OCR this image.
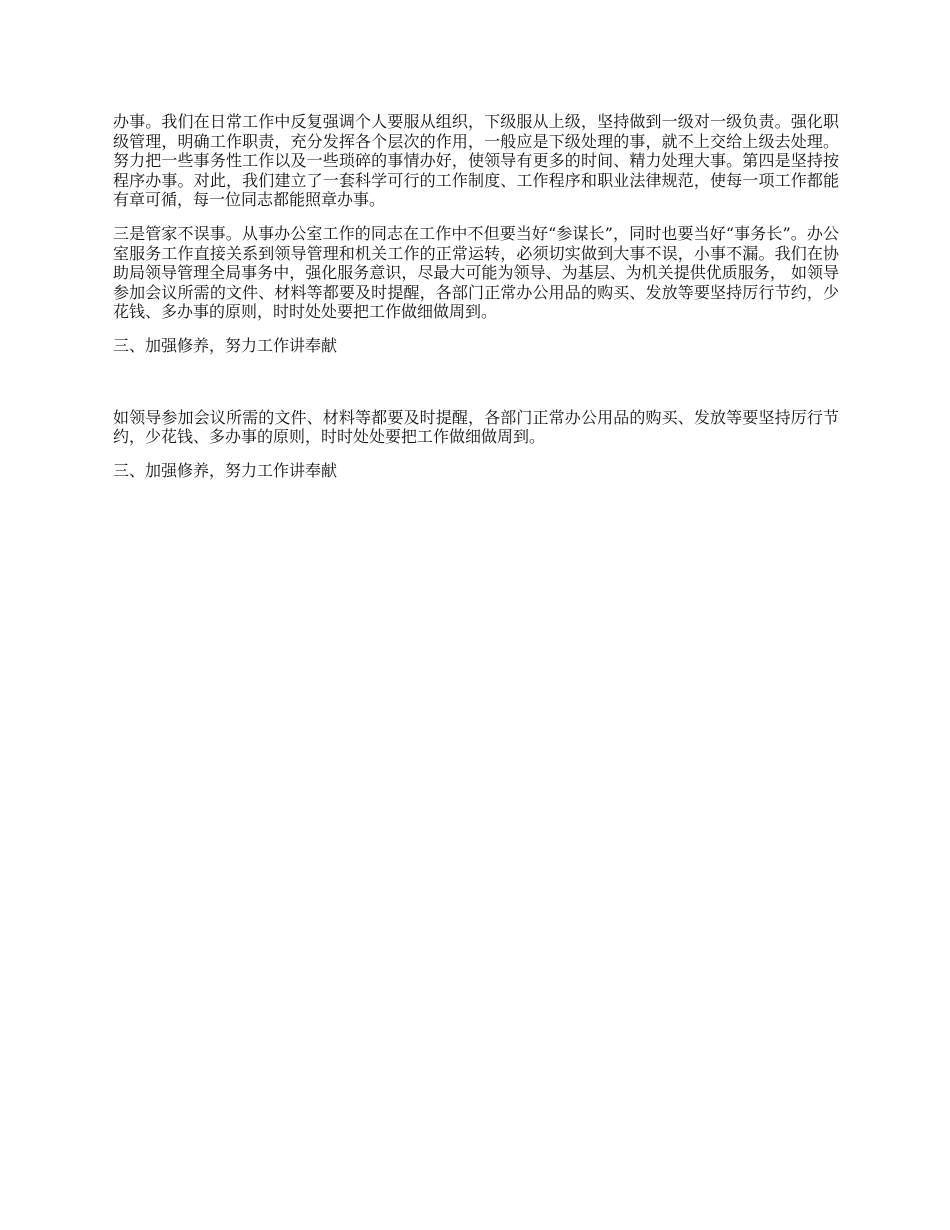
办事。我们在日常工作中反复强调个人要服从组织，下级服从上级，坚持做到一级对一级负责。强化职级管理，明确工作职责，充分发挥各个层次的作用，一般应是下级处理的事，就不上交给上级去处理。努力把一些事务性工作以及一些琐碎的事情办好，使领导有更多的时间、精力处理大事。第四是坚持按程序办事。对此，我们建立了一套科学可行的工作制度、工作程序和职业法律规范，使每一项工作都能有章可循，每一位同志都能照章办事。

三是管家不误事。从事办公室工作的同志在工作中不但要当好“参谋长”，同时也要当好“事务长”。办公室服务工作直接关系到领导管理和机关工作的正常运转，必须切实做到大事不误，小事不漏。我们在协助局领导管理全局事务中，强化服务意识，尽最大可能为领导、为基层、为机关提供优质服务， 如领导参加会议所需的文件、材料等都要及时提醒，各部门正常办公用品的购买、发放等要坚持厉行节约，少花钱、多办事的原则，时时处处要把工作做细做周到。

三、加强修养，努力工作讲奉献

如领导参加会议所需的文件、材料等都要及时提醒，各部门正常办公用品的购买、发放等要坚持厉行节约，少花钱、多办事的原则，时时处处要把工作做细做周到。

三、加强修养，努力工作讲奉献
